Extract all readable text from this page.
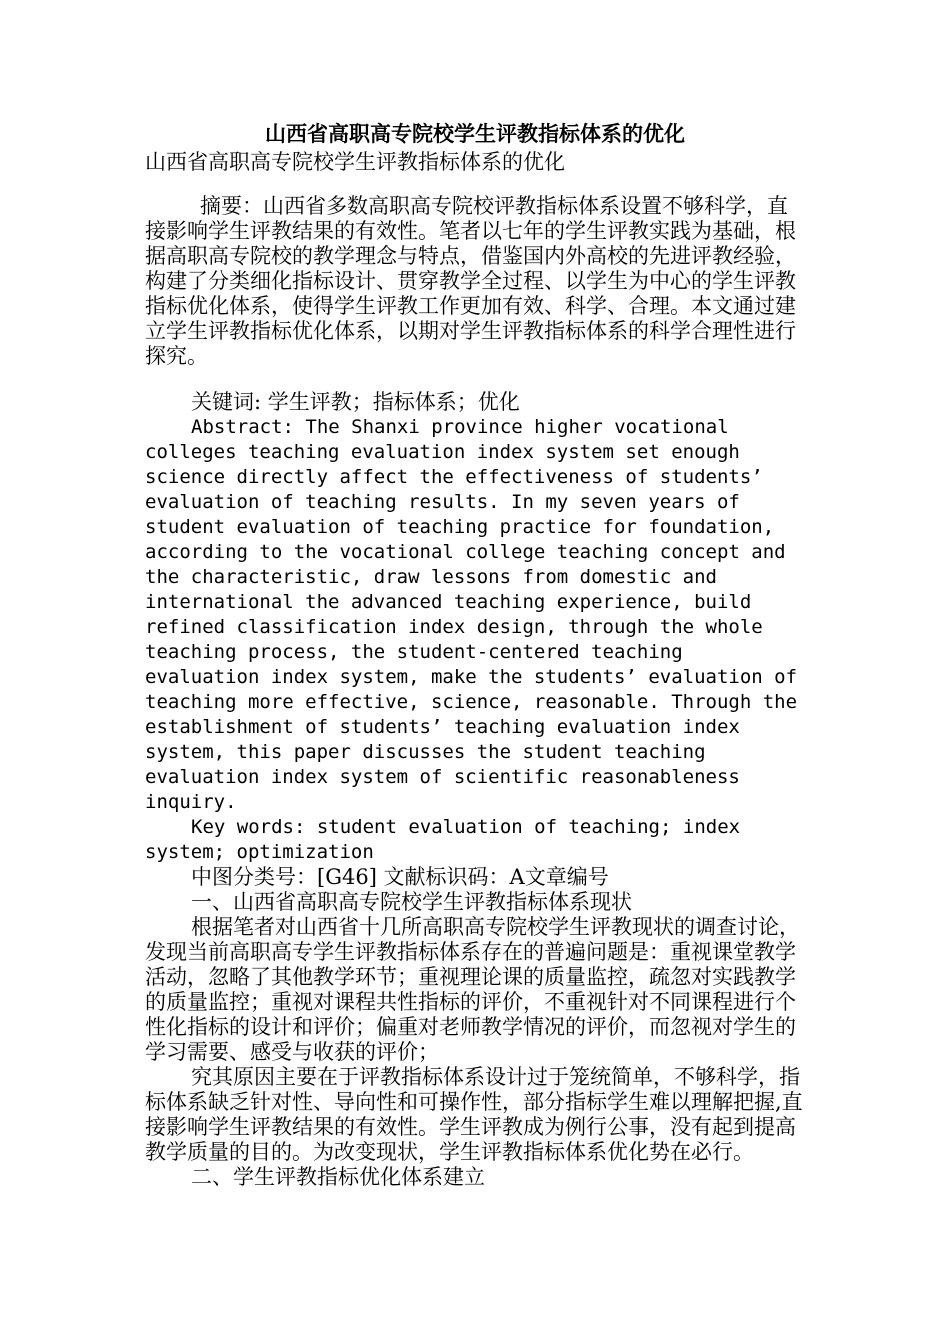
山西省高职高专院校学生评教指标体系的优化

山西省高职高专院校学生评教指标体系的优化

摘要：山西省多数高职高专院校评教指标体系设置不够科学，直接影响学生评教结果的有效性。笔者以七年的学生评教实践为基础，根据高职高专院校的教学理念与特点，借鉴国内外高校的先进评教经验，构建了分类细化指标设计、贯穿教学全过程、以学生为中心的学生评教指标优化体系，使得学生评教工作更加有效、科学、合理。本文通过建立学生评教指标优化体系，以期对学生评教指标体系的科学合理性进行探究。

关键词: 学生评教；指标体系；优化

Abstract: The Shanxi province higher vocational colleges teaching evaluation index system set enough science directly affect the effectiveness of students’ evaluation of teaching results. In my seven years of student evaluation of teaching practice for foundation, according to the vocational college teaching concept and the characteristic, draw lessons from domestic and international the advanced teaching experience, build refined classification index design, through the whole teaching process, the student-centered teaching evaluation index system, make the students’ evaluation of teaching more effective, science, reasonable. Through the establishment of students’ teaching evaluation index system, this paper discusses the student teaching evaluation index system of scientific reasonableness inquiry.

Key words: student evaluation of teaching; index system; optimization

中图分类号：[G46] 文献标识码：A文章编号

一、山西省高职高专院校学生评教指标体系现状

根据笔者对山西省十几所高职高专院校学生评教现状的调查讨论，发现当前高职高专学生评教指标体系存在的普遍问题是：重视课堂教学活动，忽略了其他教学环节；重视理论课的质量监控，疏忽对实践教学的质量监控；重视对课程共性指标的评价，不重视针对不同课程进行个性化指标的设计和评价；偏重对老师教学情况的评价，而忽视对学生的学习需要、感受与收获的评价；

究其原因主要在于评教指标体系设计过于笼统简单，不够科学，指标体系缺乏针对性、导向性和可操作性，部分指标学生难以理解把握,直接影响学生评教结果的有效性。学生评教成为例行公事，没有起到提高教学质量的目的。为改变现状，学生评教指标体系优化势在必行。

二、学生评教指标优化体系建立
